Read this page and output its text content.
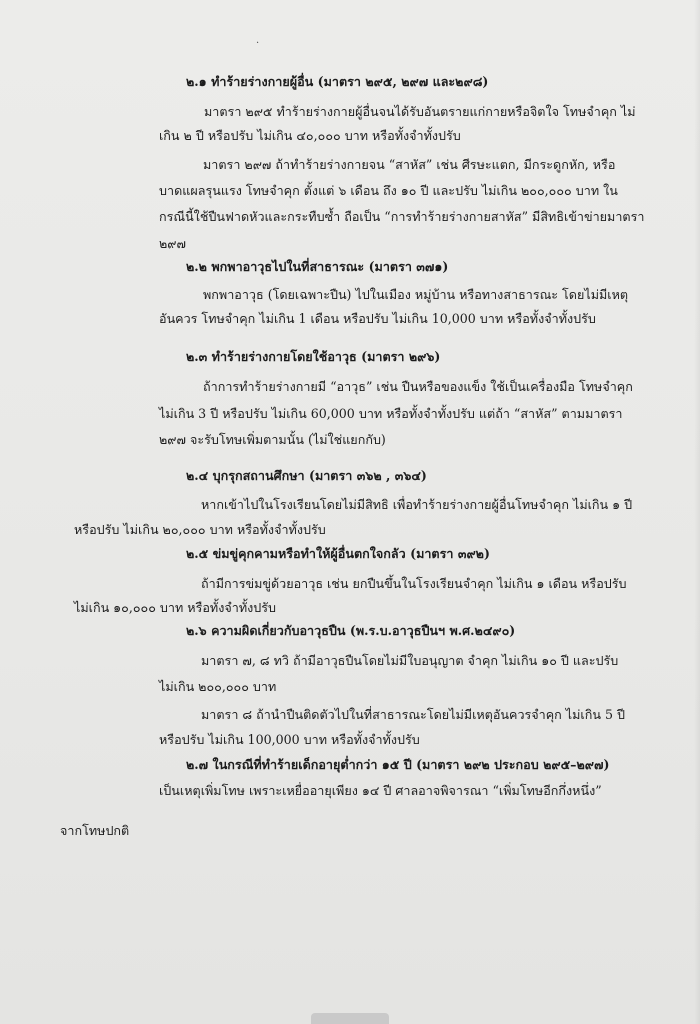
·

๒.๑ ทำร้ายร่างกายผู้อื่น (มาตรา ๒๙๕, ๒๙๗ และ๒๙๘)

มาตรา ๒๙๕ ทำร้ายร่างกายผู้อื่นจนได้รับอันตรายแก่กายหรือจิตใจ โทษจำคุก ไม่

เกิน ๒ ปี หรือปรับ ไม่เกิน ๔๐,๐๐๐ บาท หรือทั้งจำทั้งปรับ

มาตรา ๒๙๗ ถ้าทำร้ายร่างกายจน “สาหัส” เช่น ศีรษะแตก, มีกระดูกหัก, หรือ

บาดแผลรุนแรง โทษจำคุก ตั้งแต่ ๖ เดือน ถึง ๑๐ ปี และปรับ ไม่เกิน ๒๐๐,๐๐๐ บาท ใน

กรณีนี้ใช้ปืนฟาดหัวและกระทืบซ้ำ ถือเป็น “การทำร้ายร่างกายสาหัส” มีสิทธิเข้าข่ายมาตรา

๒๙๗

๒.๒ พกพาอาวุธไปในที่สาธารณะ (มาตรา ๓๗๑)

พกพาอาวุธ (โดยเฉพาะปืน) ไปในเมือง หมู่บ้าน หรือทางสาธารณะ โดยไม่มีเหตุ

อันควร โทษจำคุก ไม่เกิน 1 เดือน หรือปรับ ไม่เกิน 10,000 บาท หรือทั้งจำทั้งปรับ

๒.๓ ทำร้ายร่างกายโดยใช้อาวุธ (มาตรา ๒๙๖)

ถ้าการทำร้ายร่างกายมี “อาวุธ” เช่น ปืนหรือของแข็ง ใช้เป็นเครื่องมือ โทษจำคุก

ไม่เกิน 3 ปี หรือปรับ ไม่เกิน 60,000 บาท หรือทั้งจำทั้งปรับ แต่ถ้า “สาหัส” ตามมาตรา

๒๙๗ จะรับโทษเพิ่มตามนั้น (ไม่ใช่แยกกับ)

๒.๔ บุกรุกสถานศึกษา (มาตรา ๓๖๒ , ๓๖๔)

หากเข้าไปในโรงเรียนโดยไม่มีสิทธิ เพื่อทำร้ายร่างกายผู้อื่นโทษจำคุก ไม่เกิน ๑ ปี

หรือปรับ ไม่เกิน ๒๐,๐๐๐ บาท หรือทั้งจำทั้งปรับ

๒.๕ ข่มขู่คุกคามหรือทำให้ผู้อื่นตกใจกลัว (มาตรา ๓๙๒)

ถ้ามีการข่มขู่ด้วยอาวุธ เช่น ยกปืนขึ้นในโรงเรียนจำคุก ไม่เกิน ๑ เดือน หรือปรับ

ไม่เกิน ๑๐,๐๐๐ บาท หรือทั้งจำทั้งปรับ

๒.๖ ความผิดเกี่ยวกับอาวุธปืน (พ.ร.บ.อาวุธปืนฯ พ.ศ.๒๔๙๐)

มาตรา ๗, ๘ ทวิ ถ้ามีอาวุธปืนโดยไม่มีใบอนุญาต จำคุก ไม่เกิน ๑๐ ปี และปรับ

ไม่เกิน ๒๐๐,๐๐๐ บาท

มาตรา ๘ ถ้านำปืนติดตัวไปในที่สาธารณะโดยไม่มีเหตุอันควรจำคุก ไม่เกิน 5 ปี

หรือปรับ ไม่เกิน 100,000 บาท หรือทั้งจำทั้งปรับ

๒.๗ ในกรณีที่ทำร้ายเด็กอายุต่ำกว่า ๑๕ ปี (มาตรา ๒๙๒ ประกอบ ๒๙๕–๒๙๗)

เป็นเหตุเพิ่มโทษ เพราะเหยื่ออายุเพียง ๑๔ ปี ศาลอาจพิจารณา “เพิ่มโทษอีกกึ่งหนึ่ง”

จากโทษปกติ
